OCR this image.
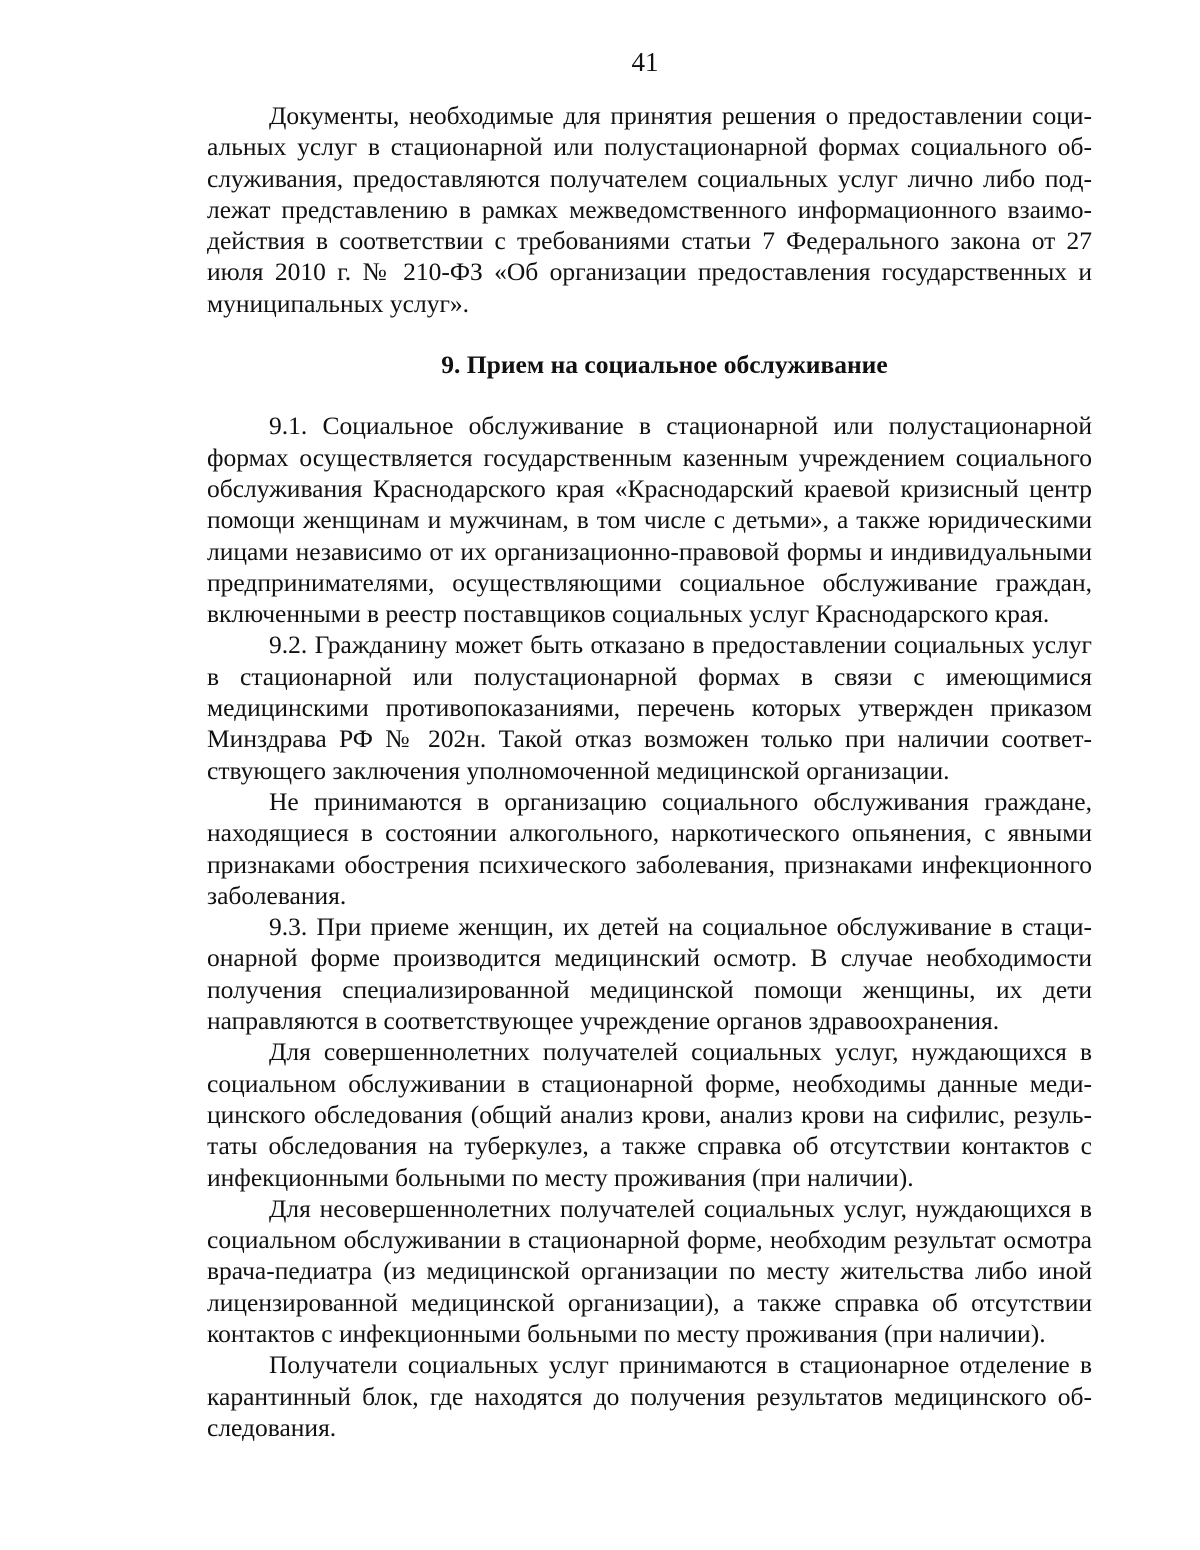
41

Документы, необходимые для принятия решения о предоставлении социальных услуг в стационарной или полустационарной формах социального обслуживания, предоставляются получателем социальных услуг лично либо подлежат представлению в рамках межведомственного информационного взаимодействия в соответствии с требованиями статьи 7 Федерального закона от 27 июля 2010 г. № 210-ФЗ «Об организации предоставления государственных и муниципальных услуг».

9. Прием на социальное обслуживание

9.1. Социальное обслуживание в стационарной или полустационарной формах осуществляется государственным казенным учреждением социального обслуживания Краснодарского края «Краснодарский краевой кризисный центр помощи женщинам и мужчинам, в том числе с детьми», а также юридическими лицами независимо от их организационно-правовой формы и индивидуальными предпринимателями, осуществляющими социальное обслуживание граждан, включенными в реестр поставщиков социальных услуг Краснодарского края.

9.2. Гражданину может быть отказано в предоставлении социальных услуг в стационарной или полустационарной формах в связи с имеющимися медицинскими противопоказаниями, перечень которых утвержден приказом Минздрава РФ № 202н. Такой отказ возможен только при наличии соответствующего заключения уполномоченной медицинской организации.

Не принимаются в организацию социального обслуживания граждане, находящиеся в состоянии алкогольного, наркотического опьянения, с явными признаками обострения психического заболевания, признаками инфекционного заболевания.

9.3. При приеме женщин, их детей на социальное обслуживание в стационарной форме производится медицинский осмотр. В случае необходимости получения специализированной медицинской помощи женщины, их дети направляются в соответствующее учреждение органов здравоохранения.

Для совершеннолетних получателей социальных услуг, нуждающихся в социальном обслуживании в стационарной форме, необходимы данные медицинского обследования (общий анализ крови, анализ крови на сифилис, результаты обследования на туберкулез, а также справка об отсутствии контактов с инфекционными больными по месту проживания (при наличии).

Для несовершеннолетних получателей социальных услуг, нуждающихся в социальном обслуживании в стационарной форме, необходим результат осмотра врача-педиатра (из медицинской организации по месту жительства либо иной лицензированной медицинской организации), а также справка об отсутствии контактов с инфекционными больными по месту проживания (при наличии).

Получатели социальных услуг принимаются в стационарное отделение в карантинный блок, где находятся до получения результатов медицинского обследования.
